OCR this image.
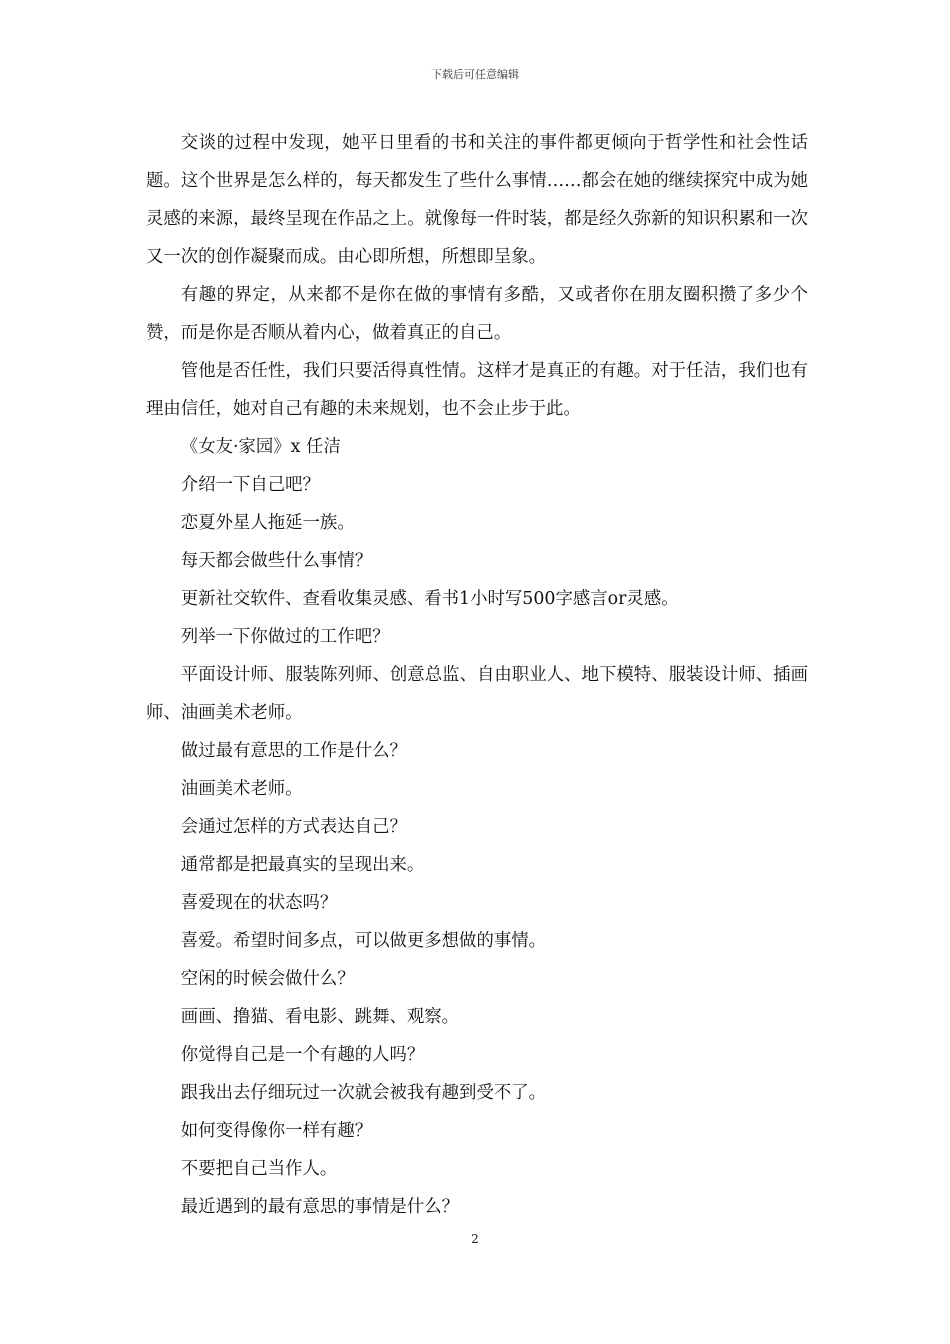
下载后可任意编辑

交谈的过程中发现，她平日里看的书和关注的事件都更倾向于哲学性和社会性话题。这个世界是怎么样的，每天都发生了些什么事情……都会在她的继续探究中成为她灵感的来源，最终呈现在作品之上。就像每一件时装，都是经久弥新的知识积累和一次又一次的创作凝聚而成。由心即所想，所想即呈象。

有趣的界定，从来都不是你在做的事情有多酷，又或者你在朋友圈积攒了多少个赞，而是你是否顺从着内心，做着真正的自己。

管他是否任性，我们只要活得真性情。这样才是真正的有趣。对于任洁，我们也有理由信任，她对自己有趣的未来规划，也不会止步于此。

《女友·家园》x 任洁

介绍一下自己吧？

恋夏外星人拖延一族。

每天都会做些什么事情？

更新社交软件、查看收集灵感、看书1小时写500字感言or灵感。

列举一下你做过的工作吧？

平面设计师、服装陈列师、创意总监、自由职业人、地下模特、服装设计师、插画师、油画美术老师。

做过最有意思的工作是什么？

油画美术老师。

会通过怎样的方式表达自己？

通常都是把最真实的呈现出来。

喜爱现在的状态吗？

喜爱。希望时间多点，可以做更多想做的事情。

空闲的时候会做什么？

画画、撸猫、看电影、跳舞、观察。

你觉得自己是一个有趣的人吗？

跟我出去仔细玩过一次就会被我有趣到受不了。

如何变得像你一样有趣？

不要把自己当作人。

最近遇到的最有意思的事情是什么？

2
